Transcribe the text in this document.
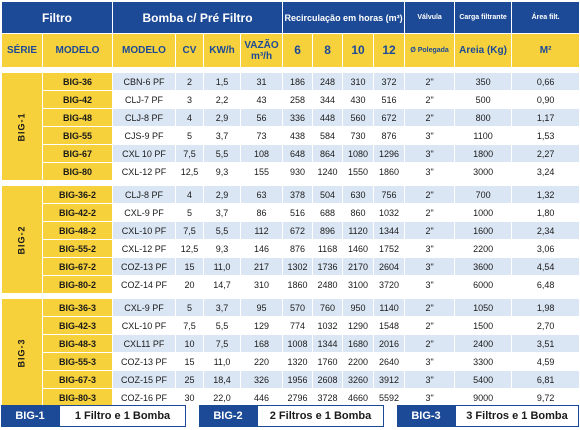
Filtro		Bomba c/ Pré Filtro				Recirculação em horas (m³)				Válvula	Carga filtrante	Área filt.
SÉRIE	MODELO	MODELO	CV	KW/h	VAZÃO m³/h	6	8	10	12	Ø Polegada	Areia (Kg)	M²

BIG-1	BIG-36	CBN-6 PF	2	1,5	31	186	248	310	372	2"	350	0,66
	BIG-42	CLJ-7 PF	3	2,2	43	258	344	430	516	2"	500	0,90
	BIG-48	CLJ-8 PF	4	2,9	56	336	448	560	672	2"	800	1,17
	BIG-55	CJS-9 PF	5	3,7	73	438	584	730	876	3"	1100	1,53
	BIG-67	CXL 10 PF	7,5	5,5	108	648	864	1080	1296	3"	1800	2,27
	BIG-80	CXL-12 PF	12,5	9,3	155	930	1240	1550	1860	3"	3000	3,24

BIG-2	BIG-36-2	CLJ-8 PF	4	2,9	63	378	504	630	756	2"	700	1,32
	BIG-42-2	CXL-9 PF	5	3,7	86	516	688	860	1032	2"	1000	1,80
	BIG-48-2	CXL-10 PF	7,5	5,5	112	672	896	1120	1344	2"	1600	2,34
	BIG-55-2	CXL-12 PF	12,5	9,3	146	876	1168	1460	1752	3"	2200	3,06
	BIG-67-2	COZ-13 PF	15	11,0	217	1302	1736	2170	2604	3"	3600	4,54
	BIG-80-2	COZ-14 PF	20	14,7	310	1860	2480	3100	3720	3"	6000	6,48

BIG-3	BIG-36-3	CXL-9 PF	5	3,7	95	570	760	950	1140	2"	1050	1,98
	BIG-42-3	CXL-10 PF	7,5	5,5	129	774	1032	1290	1548	2"	1500	2,70
	BIG-48-3	CXL11 PF	10	7,5	168	1008	1344	1680	2016	2"	2400	3,51
	BIG-55-3	COZ-13 PF	15	11,0	220	1320	1760	2200	2640	3"	3300	4,59
	BIG-67-3	COZ-15 PF	25	18,4	326	1956	2608	3260	3912	3"	5400	6,81
	BIG-80-3	COZ-16 PF	30	22,0	446	2796	3728	4660	5592	3"	9000	9,72
BIG-1	1 Filtro e 1 Bomba		BIG-2	2 Filtros e 1 Bomba		BIG-3	3 Filtros e 1 Bomba
